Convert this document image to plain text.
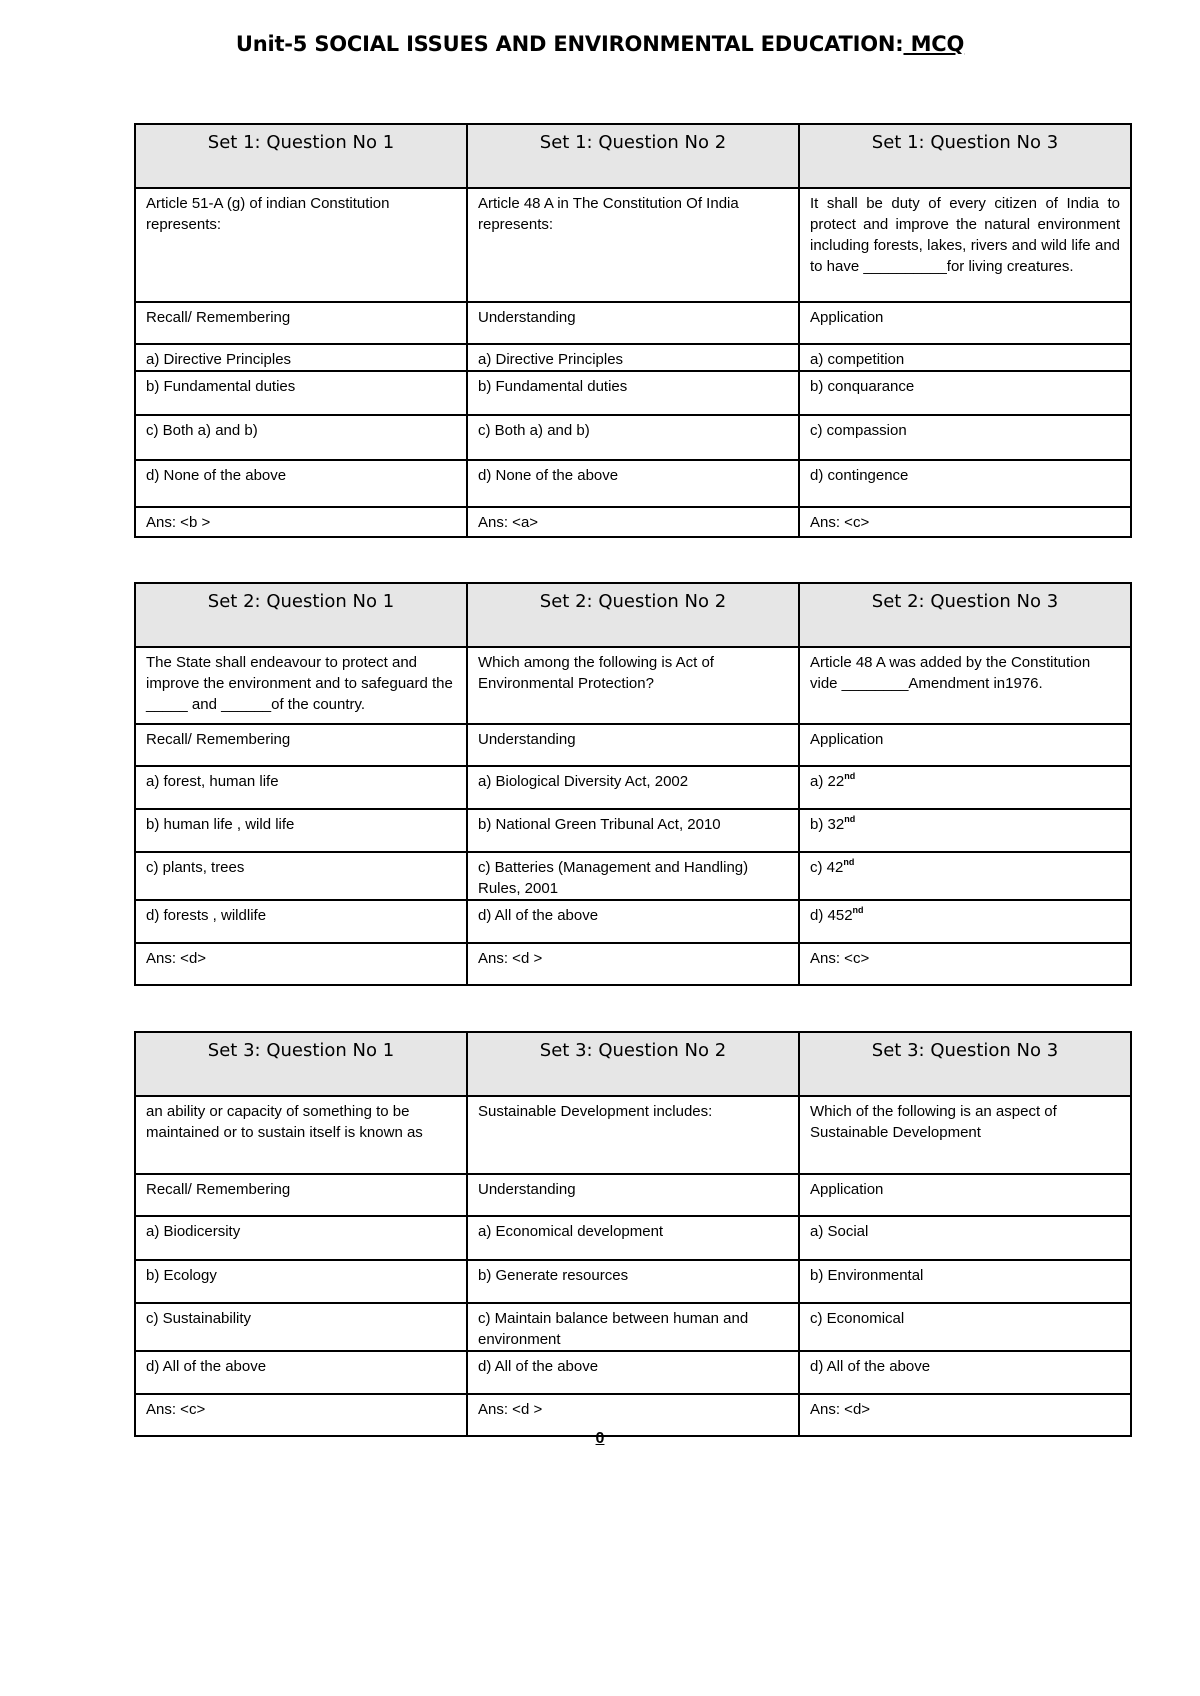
Unit-5 SOCIAL ISSUES AND ENVIRONMENTAL EDUCATION: MCQ
Set 1: Question No 1	Set 1: Question No 2	Set 1: Question No 3
Article 51-A (g) of indian Constitution represents:	Article 48 A in The Constitution Of India represents:	It shall be duty of every citizen of India to protect and improve the natural environment including forests, lakes, rivers and wild life and to have __________for living creatures.
Recall/ Remembering	Understanding	Application
a) Directive Principles	a) Directive Principles	a) competition
b) Fundamental duties	b) Fundamental duties	b) conquarance
c) Both a) and b)	c) Both a) and b)	c) compassion
d) None of the above	d) None of the above	d) contingence
Ans: <b >	Ans: <a>	Ans: <c>
Set 2: Question No 1	Set 2: Question No 2	Set 2: Question No 3
The State shall endeavour to protect and improve the environment and to safeguard the _____ and ______of the country.	Which among the following is Act of Environmental Protection?	Article 48 A was added by the Constitution vide ________Amendment in1976.
Recall/ Remembering	Understanding	Application
a) forest, human life	a) Biological Diversity Act, 2002	a) 22nd
b) human life , wild life	b) National Green Tribunal Act, 2010	b) 32nd
c) plants, trees	c) Batteries (Management and Handling) Rules, 2001	c) 42nd
d) forests , wildlife	d) All of the above	d) 452nd
Ans: <d>	Ans: <d >	Ans: <c>
Set 3: Question No 1	Set 3: Question No 2	Set 3: Question No 3
an ability or capacity of something to be maintained or to sustain itself is known as	Sustainable Development includes:	Which of the following is an aspect of Sustainable Development
Recall/ Remembering	Understanding	Application
a) Biodicersity	a) Economical development	a) Social
b) Ecology	b) Generate resources	b) Environmental
c) Sustainability	c) Maintain balance between human and environment	c) Economical
d) All of the above	d) All of the above	d) All of the above
Ans: <c>	Ans: <d >	Ans: <d>
0
